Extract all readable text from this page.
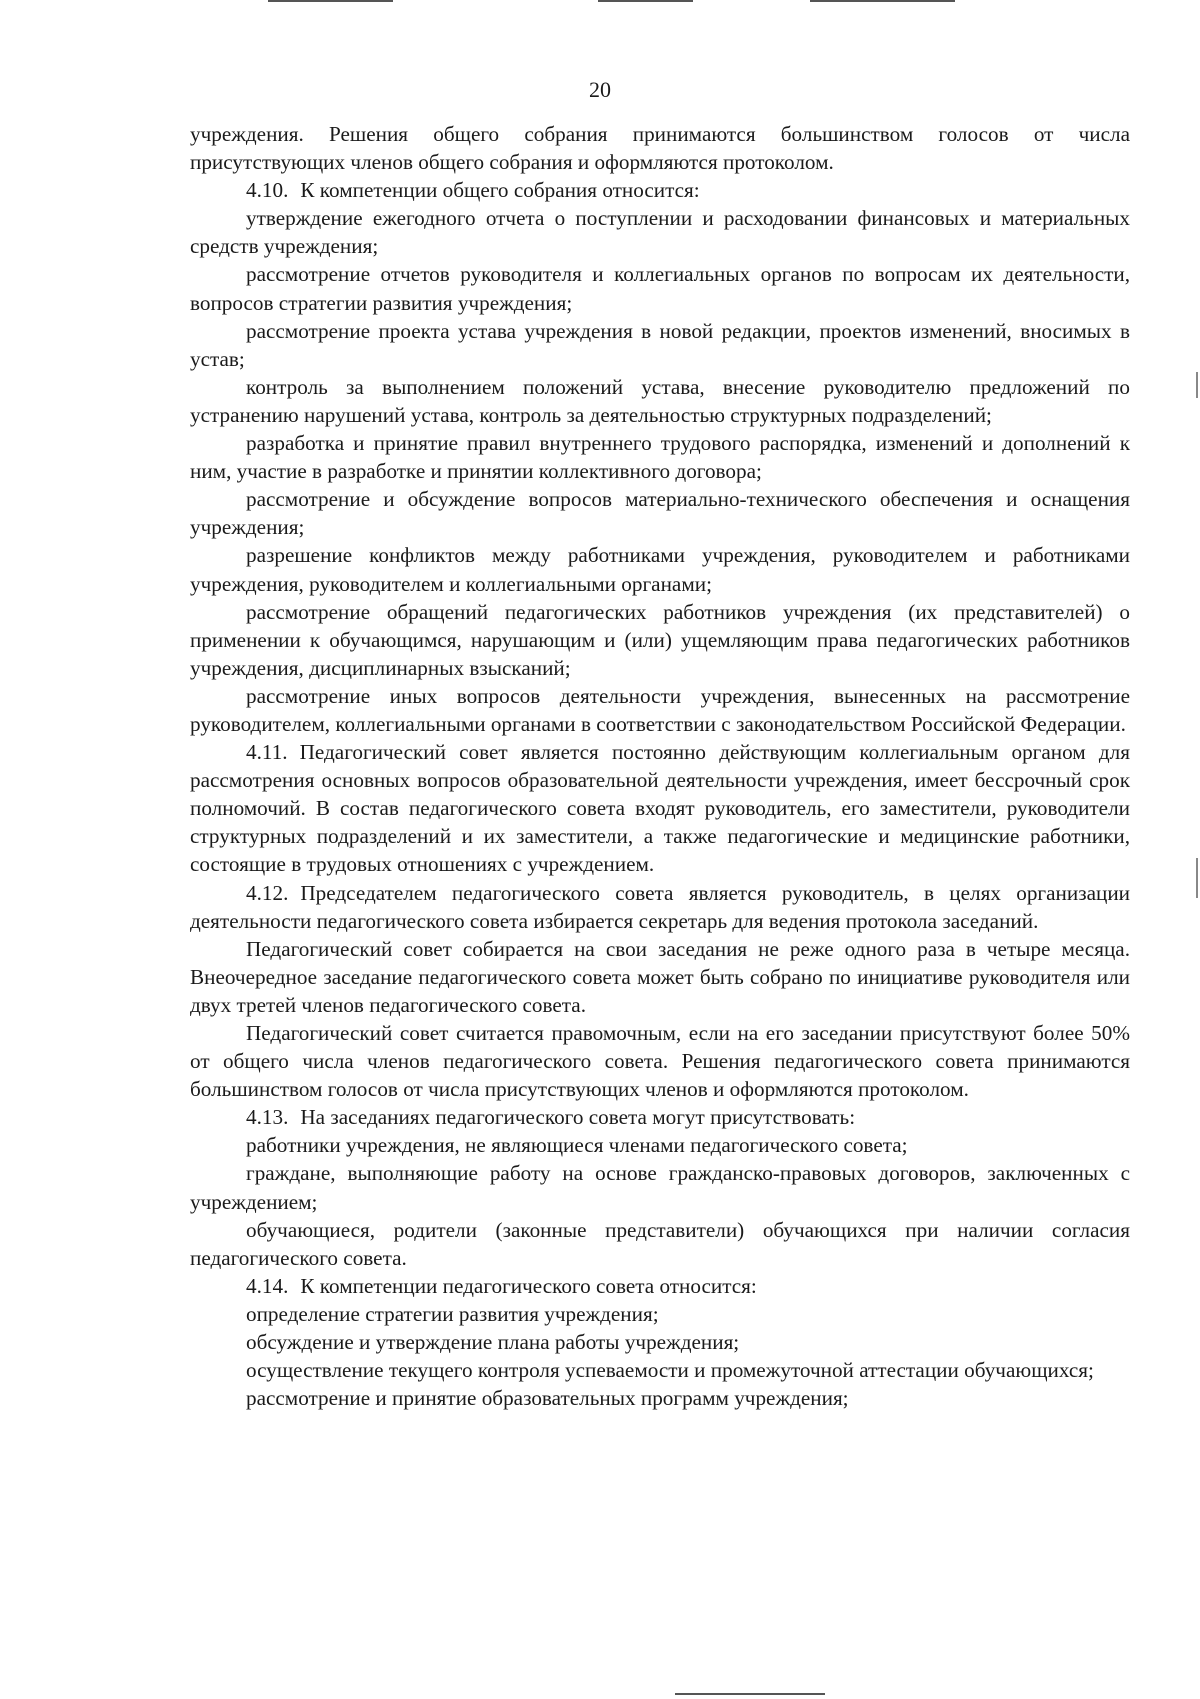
20

учреждения. Решения общего собрания принимаются большинством голосов от числа присутствующих членов общего собрания и оформляются протоколом.

4.10. К компетенции общего собрания относится:

утверждение ежегодного отчета о поступлении и расходовании финансовых и материальных средств учреждения;

рассмотрение отчетов руководителя и коллегиальных органов по вопросам их деятельности, вопросов стратегии развития учреждения;

рассмотрение проекта устава учреждения в новой редакции, проектов изменений, вносимых в устав;

контроль за выполнением положений устава, внесение руководителю предложений по устранению нарушений устава, контроль за деятельностью структурных подразделений;

разработка и принятие правил внутреннего трудового распорядка, изменений и дополнений к ним, участие в разработке и принятии коллективного договора;

рассмотрение и обсуждение вопросов материально-технического обеспечения и оснащения учреждения;

разрешение конфликтов между работниками учреждения, руководителем и работниками учреждения, руководителем и коллегиальными органами;

рассмотрение обращений педагогических работников учреждения (их представителей) о применении к обучающимся, нарушающим и (или) ущемляющим права педагогических работников учреждения, дисциплинарных взысканий;

рассмотрение иных вопросов деятельности учреждения, вынесенных на рассмотрение руководителем, коллегиальными органами в соответствии с законодательством Российской Федерации.

4.11. Педагогический совет является постоянно действующим коллегиальным органом для рассмотрения основных вопросов образовательной деятельности учреждения, имеет бессрочный срок полномочий. В состав педагогического совета входят руководитель, его заместители, руководители структурных подразделений и их заместители, а также педагогические и медицинские работники, состоящие в трудовых отношениях с учреждением.

4.12. Председателем педагогического совета является руководитель, в целях организации деятельности педагогического совета избирается секретарь для ведения протокола заседаний.

Педагогический совет собирается на свои заседания не реже одного раза в четыре месяца. Внеочередное заседание педагогического совета может быть собрано по инициативе руководителя или двух третей членов педагогического совета.

Педагогический совет считается правомочным, если на его заседании присутствуют более 50% от общего числа членов педагогического совета. Решения педагогического совета принимаются большинством голосов от числа присутствующих членов и оформляются протоколом.

4.13. На заседаниях педагогического совета могут присутствовать:

работники учреждения, не являющиеся членами педагогического совета;

граждане, выполняющие работу на основе гражданско-правовых договоров, заключенных с учреждением;

обучающиеся, родители (законные представители) обучающихся при наличии согласия педагогического совета.

4.14. К компетенции педагогического совета относится:

определение стратегии развития учреждения;

обсуждение и утверждение плана работы учреждения;

осуществление текущего контроля успеваемости и промежуточной аттестации обучающихся;

рассмотрение и принятие образовательных программ учреждения;
